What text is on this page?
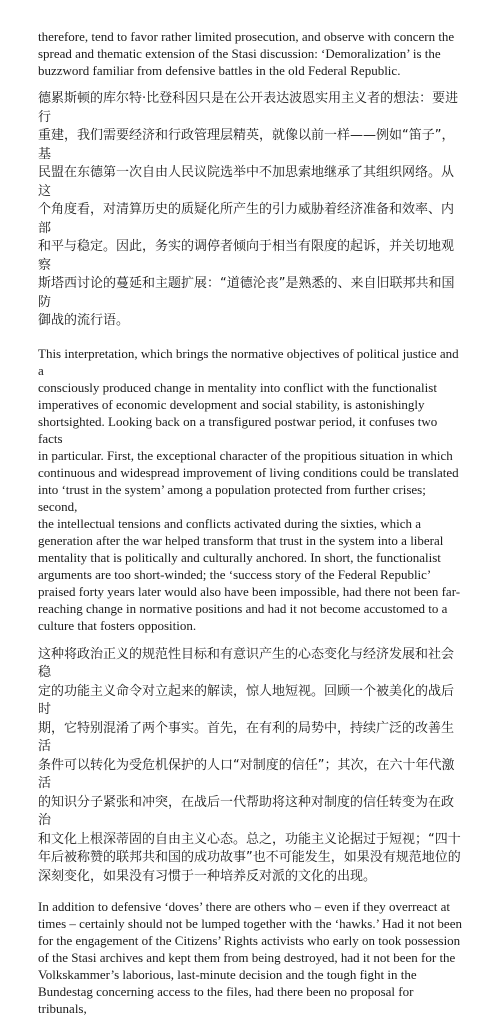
therefore, tend to favor rather limited prosecution, and observe with concern the
spread and thematic extension of the Stasi discussion: ‘Demoralization’ is the
buzzword familiar from defensive battles in the old Federal Republic.

德累斯顿的库尔特·比登科因只是在公开表达波恩实用主义者的想法：要进行
重建，我们需要经济和行政管理层精英，就像以前一样——例如“笛子”，基
民盟在东德第一次自由人民议院选举中不加思索地继承了其组织网络。从这
个角度看，对清算历史的质疑化所产生的引力威胁着经济准备和效率、内部
和平与稳定。因此，务实的调停者倾向于相当有限度的起诉，并关切地观察
斯塔西讨论的蔓延和主题扩展：“道德沦丧”是熟悉的、来自旧联邦共和国防
御战的流行语。

This interpretation, which brings the normative objectives of political justice and a
consciously produced change in mentality into conflict with the functionalist
imperatives of economic development and social stability, is astonishingly
shortsighted. Looking back on a transfigured postwar period, it confuses two facts
in particular. First, the exceptional character of the propitious situation in which
continuous and widespread improvement of living conditions could be translated
into ‘trust in the system’ among a population protected from further crises; second,
the intellectual tensions and conflicts activated during the sixties, which a
generation after the war helped transform that trust in the system into a liberal
mentality that is politically and culturally anchored. In short, the functionalist
arguments are too short-winded; the ‘success story of the Federal Republic’
praised forty years later would also have been impossible, had there not been far-
reaching change in normative positions and had it not become accustomed to a
culture that fosters opposition.

这种将政治正义的规范性目标和有意识产生的心态变化与经济发展和社会稳
定的功能主义命令对立起来的解读，惊人地短视。回顾一个被美化的战后时
期，它特别混淆了两个事实。首先，在有利的局势中，持续广泛的改善生活
条件可以转化为受危机保护的人口“对制度的信任”；其次，在六十年代激活
的知识分子紧张和冲突，在战后一代帮助将这种对制度的信任转变为在政治
和文化上根深蒂固的自由主义心态。总之，功能主义论据过于短视；“四十
年后被称赞的联邦共和国的成功故事”也不可能发生，如果没有规范地位的
深刻变化，如果没有习惯于一种培养反对派的文化的出现。

In addition to defensive ‘doves’ there are others who – even if they overreact at
times – certainly should not be lumped together with the ‘hawks.’ Had it not been
for the engagement of the Citizens’ Rights activists who early on took possession
of the Stasi archives and kept them from being destroyed, had it not been for the
Volkskammer’s laborious, last-minute decision and the tough fight in the
Bundestag concerning access to the files, had there been no proposal for tribunals,
